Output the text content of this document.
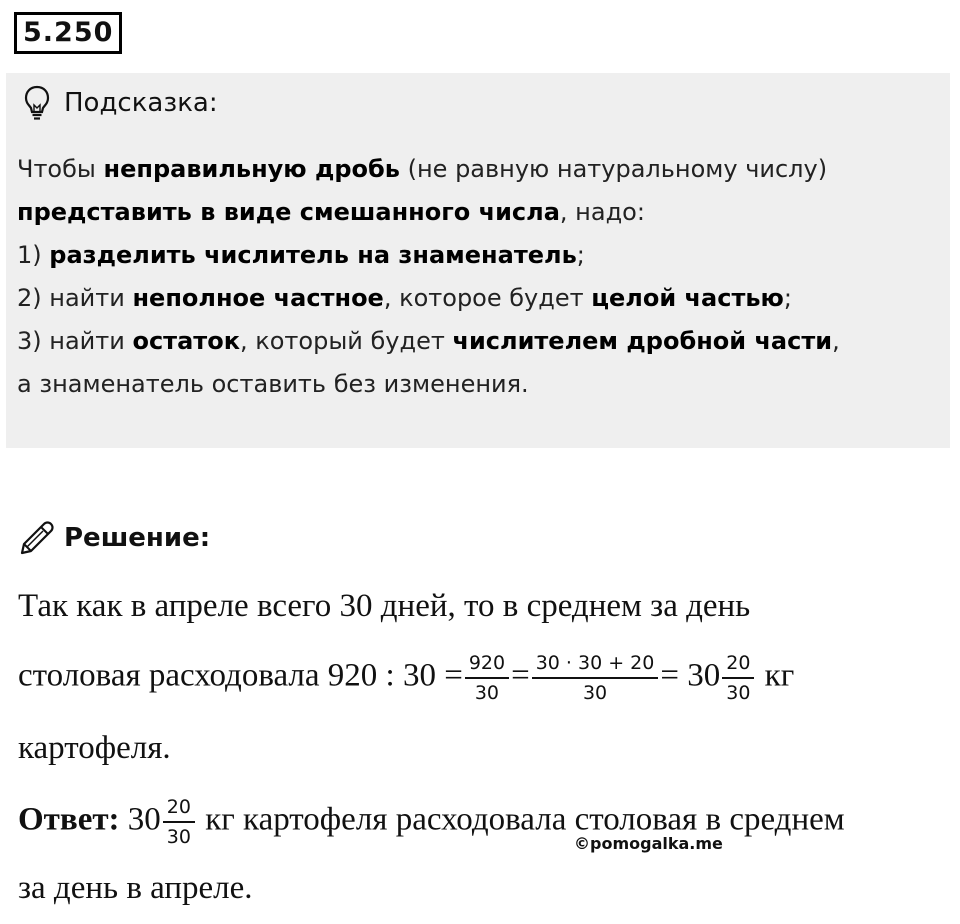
5.250
Подсказка:
Чтобы неправильную дробь (не равную натуральному числу)
представить в виде смешанного числа, надо:
1) разделить числитель на знаменатель;
2) найти неполное частное, которое будет целой частью;
3) найти остаток, который будет числителем дробной части,
а знаменатель оставить без изменения.
Решение:
Так как в апреле всего 30 дней, то в среднем за день
столовая расходовала 920 : $30 = \frac{920}{30} = \frac{30 \cdot 30 + 20}{30} = 30 \frac{20}{30}$ кг
картофеля.
Ответ: $30 \frac{20}{30}$ кг картофеля расходовала столовая в среднем
©pomogalka.me
за день в апреле.
